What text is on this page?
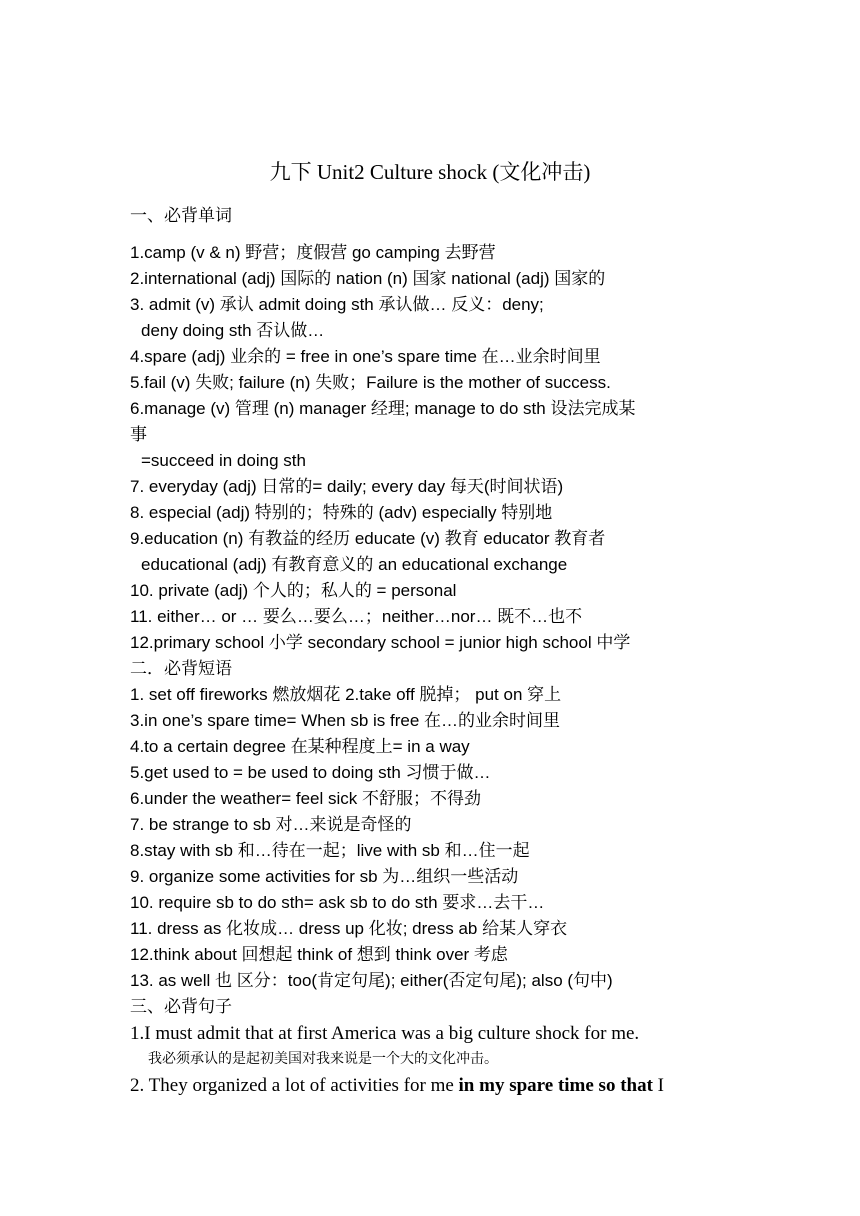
九下 Unit2 Culture shock (文化冲击)
一、必背单词
1.camp (v & n) 野营；度假营 go camping 去野营
2.international (adj) 国际的 nation (n) 国家 national (adj) 国家的
3. admit (v) 承认 admit doing sth 承认做… 反义：deny;
deny doing sth 否认做…
4.spare (adj) 业余的 = free in one’s spare time 在…业余时间里
5.fail (v) 失败; failure (n) 失败；Failure is the mother of success.
6.manage (v) 管理 (n) manager 经理; manage to do sth 设法完成某
事
=succeed in doing sth
7. everyday (adj) 日常的= daily; every day 每天(时间状语)
8. especial (adj) 特别的；特殊的 (adv) especially 特别地
9.education (n) 有教益的经历 educate (v) 教育 educator 教育者
educational (adj) 有教育意义的 an educational exchange
10. private (adj) 个人的；私人的 = personal
11. either… or … 要么…要么…；neither…nor… 既不…也不
12.primary school 小学 secondary school = junior high school 中学
二．必背短语
1. set off fireworks 燃放烟花 2.take off 脱掉； put on 穿上
3.in one’s spare time= When sb is free 在…的业余时间里
4.to a certain degree 在某种程度上= in a way
5.get used to = be used to doing sth 习惯于做…
6.under the weather= feel sick 不舒服；不得劲
7. be strange to sb 对…来说是奇怪的
8.stay with sb 和…待在一起；live with sb 和…住一起
9. organize some activities for sb 为…组织一些活动
10. require sb to do sth= ask sb to do sth 要求…去干…
11. dress as 化妆成… dress up 化妆; dress ab 给某人穿衣
12.think about 回想起 think of 想到 think over 考虑
13. as well 也 区分：too(肯定句尾); either(否定句尾); also (句中)
三、必背句子
1.I must admit that at first America was a big culture shock for me.
我必须承认的是起初美国对我来说是一个大的文化冲击。
2. They organized a lot of activities for me in my spare time so that I
